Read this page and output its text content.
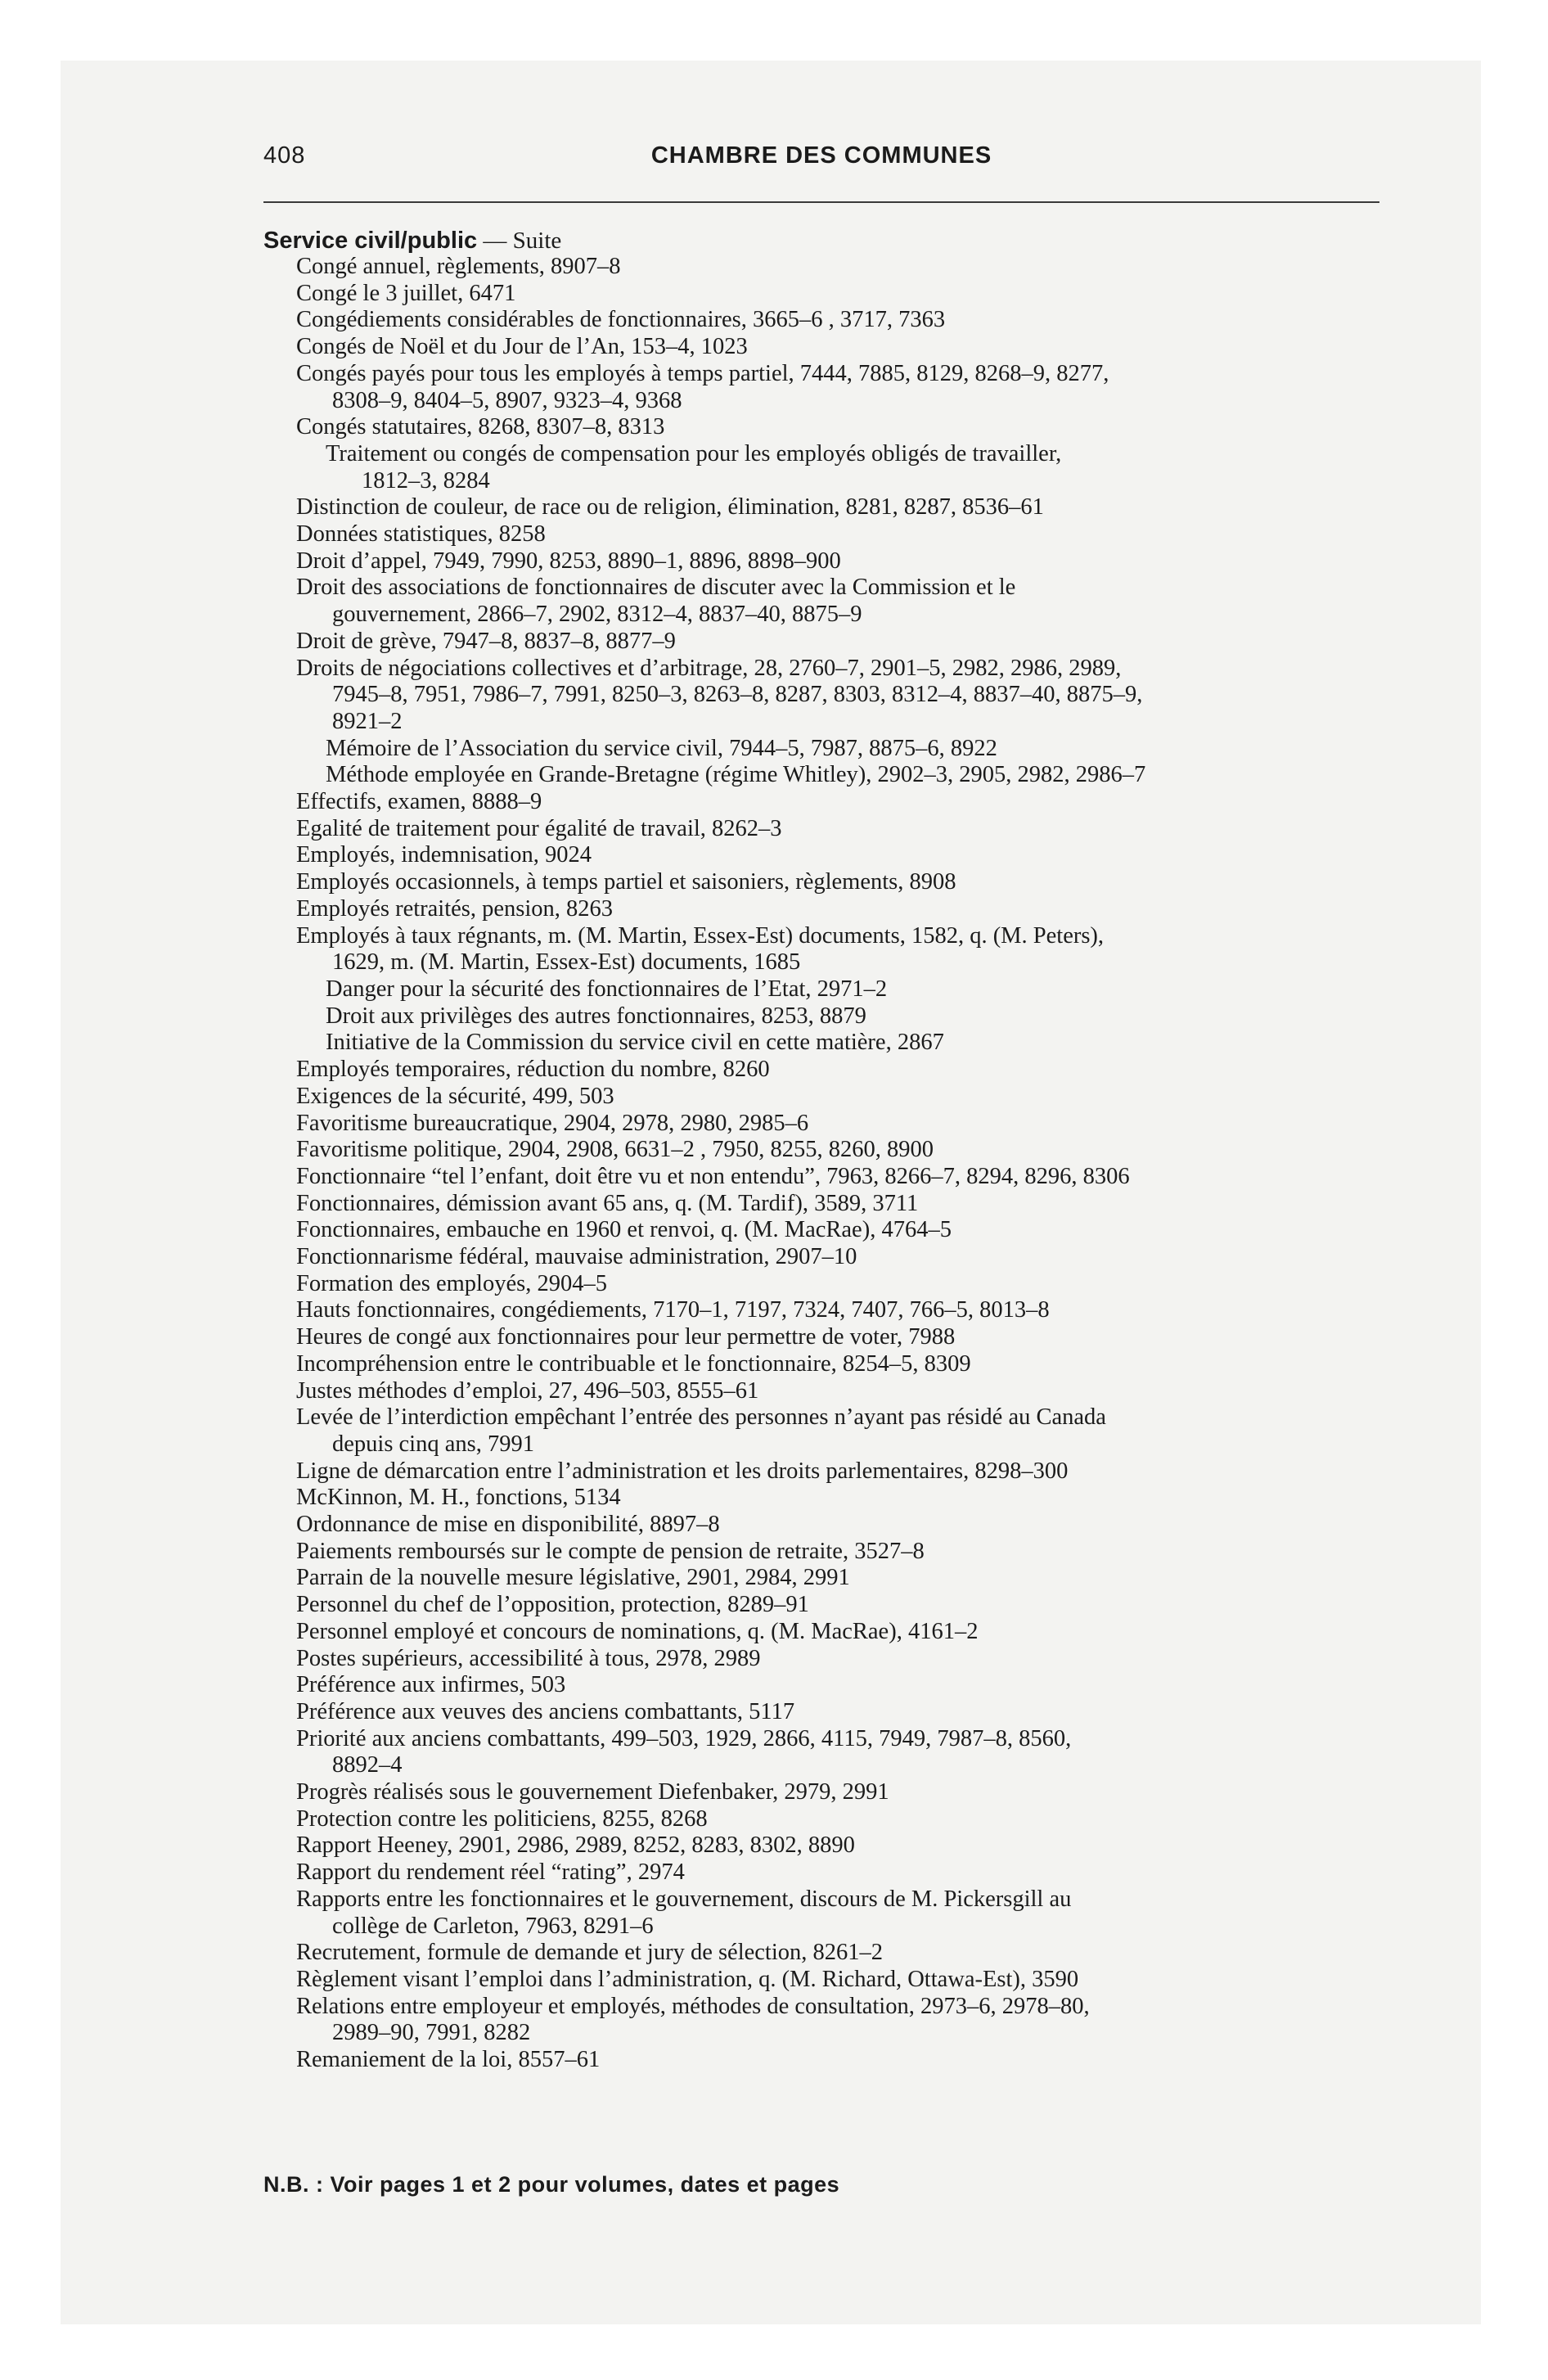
408	CHAMBRE DES COMMUNES
Service civil/public — Suite
Congé annuel, règlements, 8907–8
Congé le 3 juillet, 6471
Congédiements considérables de fonctionnaires, 3665–6 , 3717, 7363
Congés de Noël et du Jour de l’An, 153–4, 1023
Congés payés pour tous les employés à temps partiel, 7444, 7885, 8129, 8268–9, 8277,
8308–9, 8404–5, 8907, 9323–4, 9368
Congés statutaires, 8268, 8307–8, 8313
Traitement ou congés de compensation pour les employés obligés de travailler,
1812–3, 8284
Distinction de couleur, de race ou de religion, élimination, 8281, 8287, 8536–61
Données statistiques, 8258
Droit d’appel, 7949, 7990, 8253, 8890–1, 8896, 8898–900
Droit des associations de fonctionnaires de discuter avec la Commission et le
gouvernement, 2866–7, 2902, 8312–4, 8837–40, 8875–9
Droit de grève, 7947–8, 8837–8, 8877–9
Droits de négociations collectives et d’arbitrage, 28, 2760–7, 2901–5, 2982, 2986, 2989,
7945–8, 7951, 7986–7, 7991, 8250–3, 8263–8, 8287, 8303, 8312–4, 8837–40, 8875–9,
8921–2
Mémoire de l’Association du service civil, 7944–5, 7987, 8875–6, 8922
Méthode employée en Grande-Bretagne (régime Whitley), 2902–3, 2905, 2982, 2986–7
Effectifs, examen, 8888–9
Egalité de traitement pour égalité de travail, 8262–3
Employés, indemnisation, 9024
Employés occasionnels, à temps partiel et saisoniers, règlements, 8908
Employés retraités, pension, 8263
Employés à taux régnants, m. (M. Martin, Essex-Est) documents, 1582, q. (M. Peters),
1629, m. (M. Martin, Essex-Est) documents, 1685
Danger pour la sécurité des fonctionnaires de l’Etat, 2971–2
Droit aux privilèges des autres fonctionnaires, 8253, 8879
Initiative de la Commission du service civil en cette matière, 2867
Employés temporaires, réduction du nombre, 8260
Exigences de la sécurité, 499, 503
Favoritisme bureaucratique, 2904, 2978, 2980, 2985–6
Favoritisme politique, 2904, 2908, 6631–2 , 7950, 8255, 8260, 8900
Fonctionnaire “tel l’enfant, doit être vu et non entendu”, 7963, 8266–7, 8294, 8296, 8306
Fonctionnaires, démission avant 65 ans, q. (M. Tardif), 3589, 3711
Fonctionnaires, embauche en 1960 et renvoi, q. (M. MacRae), 4764–5
Fonctionnarisme fédéral, mauvaise administration, 2907–10
Formation des employés, 2904–5
Hauts fonctionnaires, congédiements, 7170–1, 7197, 7324, 7407, 766–5, 8013–8
Heures de congé aux fonctionnaires pour leur permettre de voter, 7988
Incompréhension entre le contribuable et le fonctionnaire, 8254–5, 8309
Justes méthodes d’emploi, 27, 496–503, 8555–61
Levée de l’interdiction empêchant l’entrée des personnes n’ayant pas résidé au Canada
depuis cinq ans, 7991
Ligne de démarcation entre l’administration et les droits parlementaires, 8298–300
McKinnon, M. H., fonctions, 5134
Ordonnance de mise en disponibilité, 8897–8
Paiements remboursés sur le compte de pension de retraite, 3527–8
Parrain de la nouvelle mesure législative, 2901, 2984, 2991
Personnel du chef de l’opposition, protection, 8289–91
Personnel employé et concours de nominations, q. (M. MacRae), 4161–2
Postes supérieurs, accessibilité à tous, 2978, 2989
Préférence aux infirmes, 503
Préférence aux veuves des anciens combattants, 5117
Priorité aux anciens combattants, 499–503, 1929, 2866, 4115, 7949, 7987–8, 8560,
8892–4
Progrès réalisés sous le gouvernement Diefenbaker, 2979, 2991
Protection contre les politiciens, 8255, 8268
Rapport Heeney, 2901, 2986, 2989, 8252, 8283, 8302, 8890
Rapport du rendement réel “rating”, 2974
Rapports entre les fonctionnaires et le gouvernement, discours de M. Pickersgill au
collège de Carleton, 7963, 8291–6
Recrutement, formule de demande et jury de sélection, 8261–2
Règlement visant l’emploi dans l’administration, q. (M. Richard, Ottawa-Est), 3590
Relations entre employeur et employés, méthodes de consultation, 2973–6, 2978–80,
2989–90, 7991, 8282
Remaniement de la loi, 8557–61
N.B. : Voir pages 1 et 2 pour volumes, dates et pages
